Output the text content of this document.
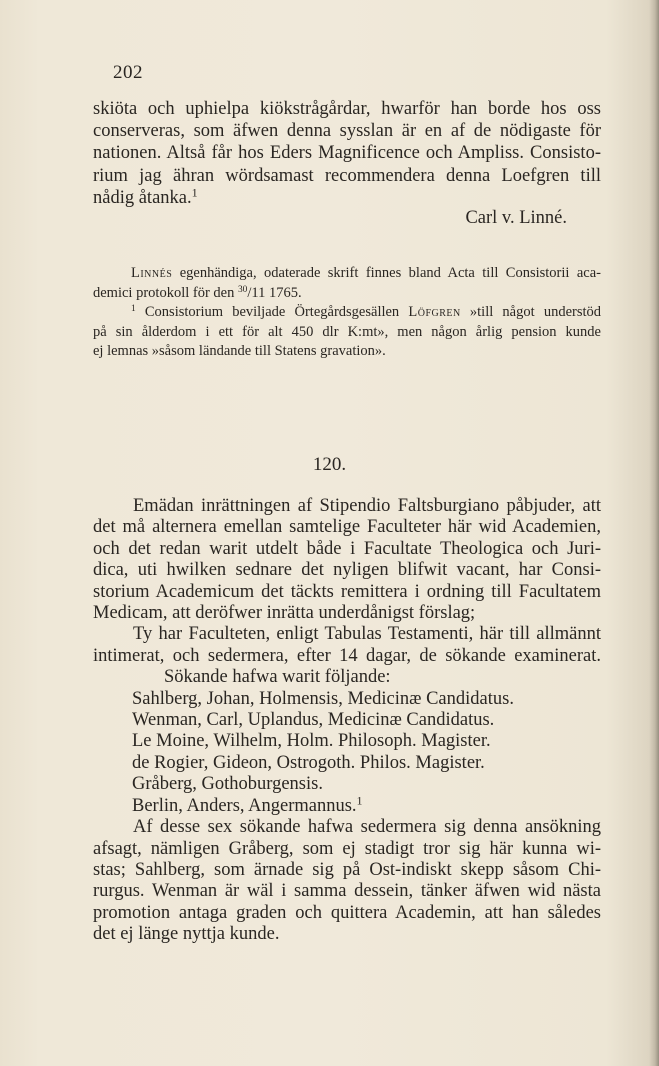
202
skiöta och uphielpa kiökstrågårdar, hwarför han borde hos oss
conserveras, som äfwen denna sysslan är en af de nödigaste för
nationen. Altså får hos Eders Magnificence och Ampliss. Consisto-
rium jag ähran wördsamast recommendera denna Loefgren till
nådig åtanka.$^1$
Carl v. Linné.
Linnés egenhändiga, odaterade skrift finnes bland Acta till Consistorii aca-
demici protokoll för den $^{30}$/11 1765.
$^1$ Consistorium beviljade Örtegårdsgesällen Löfgren »till något understöd
på sin ålderdom i ett för alt 450 dlr K:mt», men någon årlig pension kunde
ej lemnas »såsom ländande till Statens gravation».
120.
Emädan inrättningen af Stipendio Faltsburgiano påbjuder, att
det må alternera emellan samtelige Faculteter här wid Academien,
och det redan warit utdelt både i Facultate Theologica och Juri-
dica, uti hwilken sednare det nyligen blifwit vacant, har Consi-
storium Academicum det täckts remittera i ordning till Facultatem
Medicam, att deröfwer inrätta underdånigst förslag;
Ty har Faculteten, enligt Tabulas Testamenti, här till allmännt
intimerat, och sedermera, efter 14 dagar, de sökande examinerat.
Sökande hafwa warit följande:
Sahlberg, Johan, Holmensis, Medicinæ Candidatus.
Wenman, Carl, Uplandus, Medicinæ Candidatus.
Le Moine, Wilhelm, Holm. Philosoph. Magister.
de Rogier, Gideon, Ostrogoth. Philos. Magister.
Gråberg, Gothoburgensis.
Berlin, Anders, Angermannus.$^1$
Af desse sex sökande hafwa sedermera sig denna ansökning
afsagt, nämligen Gråberg, som ej stadigt tror sig här kunna wi-
stas; Sahlberg, som ärnade sig på Ost-indiskt skepp såsom Chi-
rurgus. Wenman är wäl i samma dessein, tänker äfwen wid nästa
promotion antaga graden och quittera Academin, att han således
det ej länge nyttja kunde.
